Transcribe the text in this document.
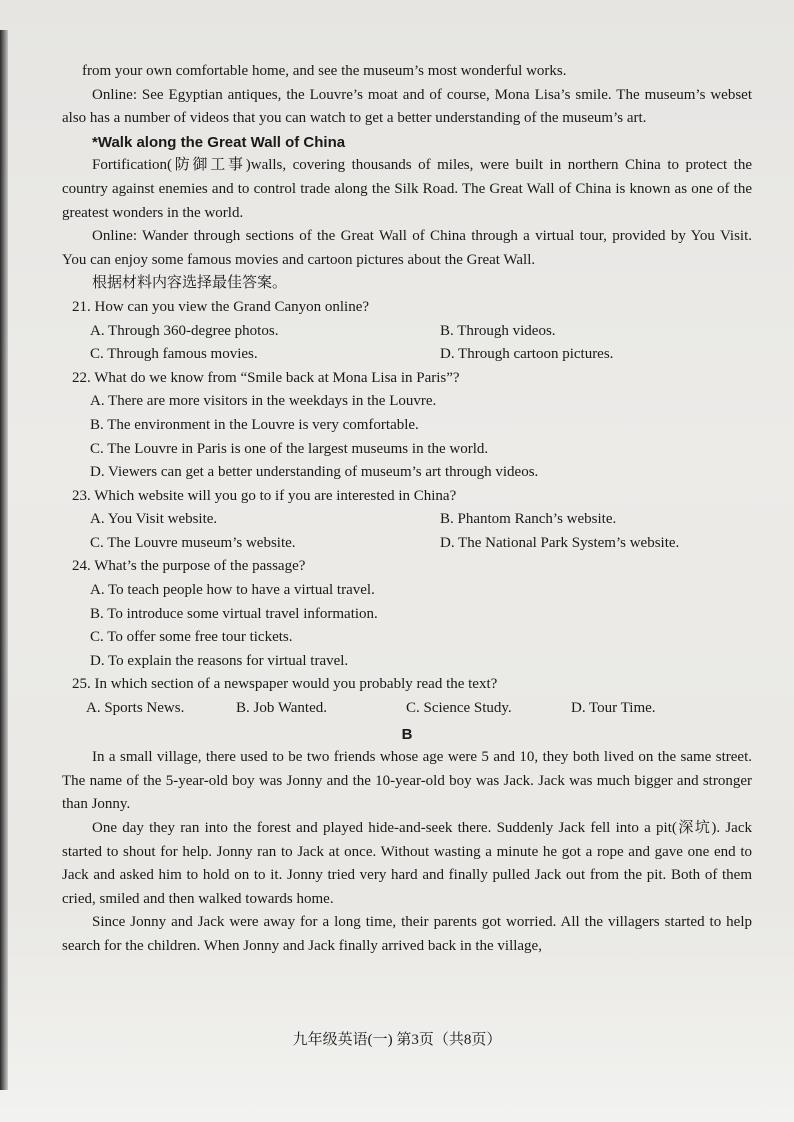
from your own comfortable home, and see the museum’s most wonderful works.

Online: See Egyptian antiques, the Louvre’s moat and of course, Mona Lisa’s smile. The museum’s webset also has a number of videos that you can watch to get a better understanding of the museum’s art.

*Walk along the Great Wall of China

Fortification(防御工事)walls, covering thousands of miles, were built in northern China to protect the country against enemies and to control trade along the Silk Road. The Great Wall of China is known as one of the greatest wonders in the world.

Online: Wander through sections of the Great Wall of China through a virtual tour, provided by You Visit. You can enjoy some famous movies and cartoon pictures about the Great Wall.

根据材料内容选择最佳答案。

21. How can you view the Grand Canyon online?

A. Through 360-degree photos.	B. Through videos.
C. Through famous movies.	D. Through cartoon pictures.

22. What do we know from “Smile back at Mona Lisa in Paris”?

A. There are more visitors in the weekdays in the Louvre.

B. The environment in the Louvre is very comfortable.

C. The Louvre in Paris is one of the largest museums in the world.

D. Viewers can get a better understanding of museum’s art through videos.

23. Which website will you go to if you are interested in China?

A. You Visit website.	B. Phantom Ranch’s website.
C. The Louvre museum’s website.	D. The National Park System’s website.

24. What’s the purpose of the passage?

A. To teach people how to have a virtual travel.

B. To introduce some virtual travel information.

C. To offer some free tour tickets.

D. To explain the reasons for virtual travel.

25. In which section of a newspaper would you probably read the text?

A. Sports News.	B. Job Wanted.	C. Science Study.	D. Tour Time.

B

In a small village, there used to be two friends whose age were 5 and 10, they both lived on the same street. The name of the 5-year-old boy was Jonny and the 10-year-old boy was Jack. Jack was much bigger and stronger than Jonny.

One day they ran into the forest and played hide-and-seek there. Suddenly Jack fell into a pit(深坑). Jack started to shout for help. Jonny ran to Jack at once. Without wasting a minute he got a rope and gave one end to Jack and asked him to hold on to it. Jonny tried very hard and finally pulled Jack out from the pit. Both of them cried, smiled and then walked towards home.

Since Jonny and Jack were away for a long time, their parents got worried. All the villagers started to help search for the children. When Jonny and Jack finally arrived back in the village,

九年级英语(一) 第3页（共8页）
